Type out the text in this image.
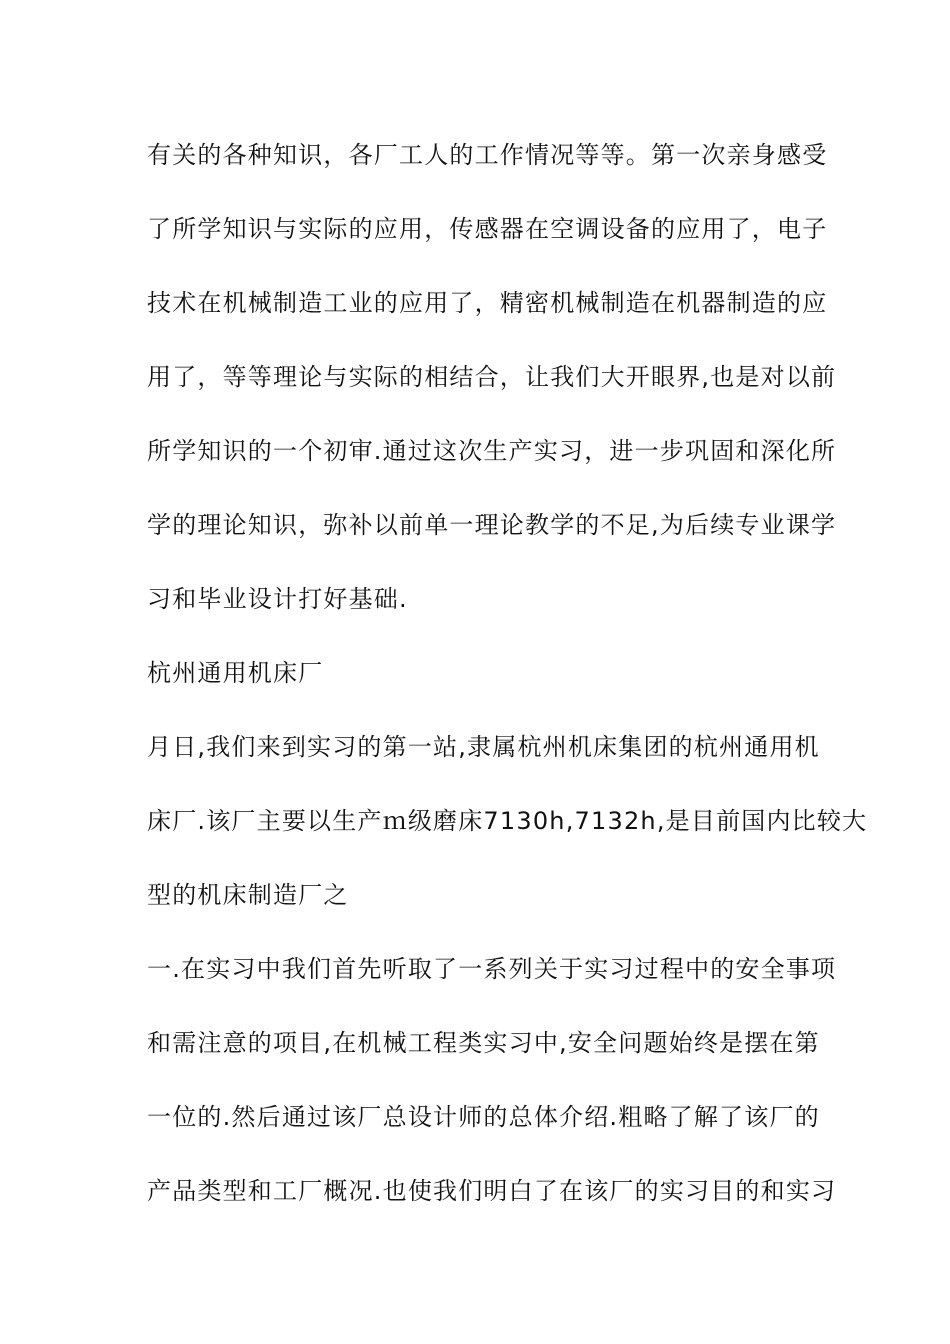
有关的各种知识，各厂工人的工作情况等等。第一次亲身感受
了所学知识与实际的应用，传感器在空调设备的应用了，电子
技术在机械制造工业的应用了，精密机械制造在机器制造的应
用了，等等理论与实际的相结合，让我们大开眼界,也是对以前
所学知识的一个初审.通过这次生产实习，进一步巩固和深化所
学的理论知识，弥补以前单一理论教学的不足,为后续专业课学
习和毕业设计打好基础.
杭州通用机床厂
月日,我们来到实习的第一站,隶属杭州机床集团的杭州通用机
床厂.该厂主要以生产ｍ级磨床7130h,7132h,是目前国内比较大
型的机床制造厂之
一.在实习中我们首先听取了一系列关于实习过程中的安全事项
和需注意的项目,在机械工程类实习中,安全问题始终是摆在第
一位的.然后通过该厂总设计师的总体介绍.粗略了解了该厂的
产品类型和工厂概况.也使我们明白了在该厂的实习目的和实习
